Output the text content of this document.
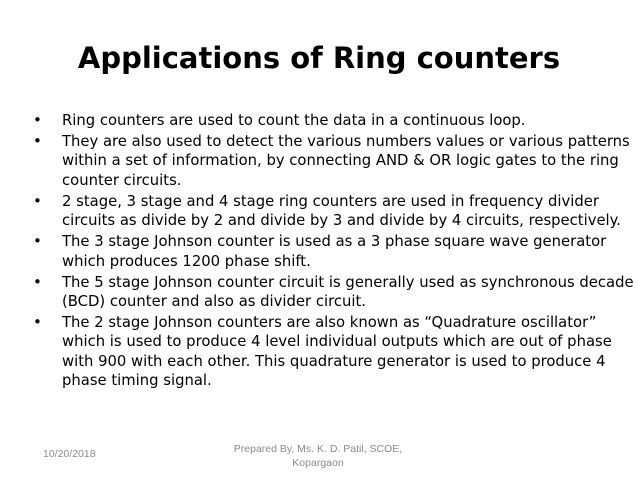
Applications of Ring counters
• Ring counters are used to count the data in a continuous loop.
• They are also used to detect the various numbers values or various patterns within a set of information, by connecting AND & OR logic gates to the ring counter circuits.
• 2 stage, 3 stage and 4 stage ring counters are used in frequency divider circuits as divide by 2 and divide by 3 and divide by 4 circuits, respectively.
• The 3 stage Johnson counter is used as a 3 phase square wave generator which produces 1200 phase shift.
• The 5 stage Johnson counter circuit is generally used as synchronous decade (BCD) counter and also as divider circuit.
• The 2 stage Johnson counters are also known as “Quadrature oscillator” which is used to produce 4 level individual outputs which are out of phase with 900 with each other. This quadrature generator is used to produce 4 phase timing signal.
10/20/2018	Prepared By, Ms. K. D. Patil, SCOE,
Kopargaon
